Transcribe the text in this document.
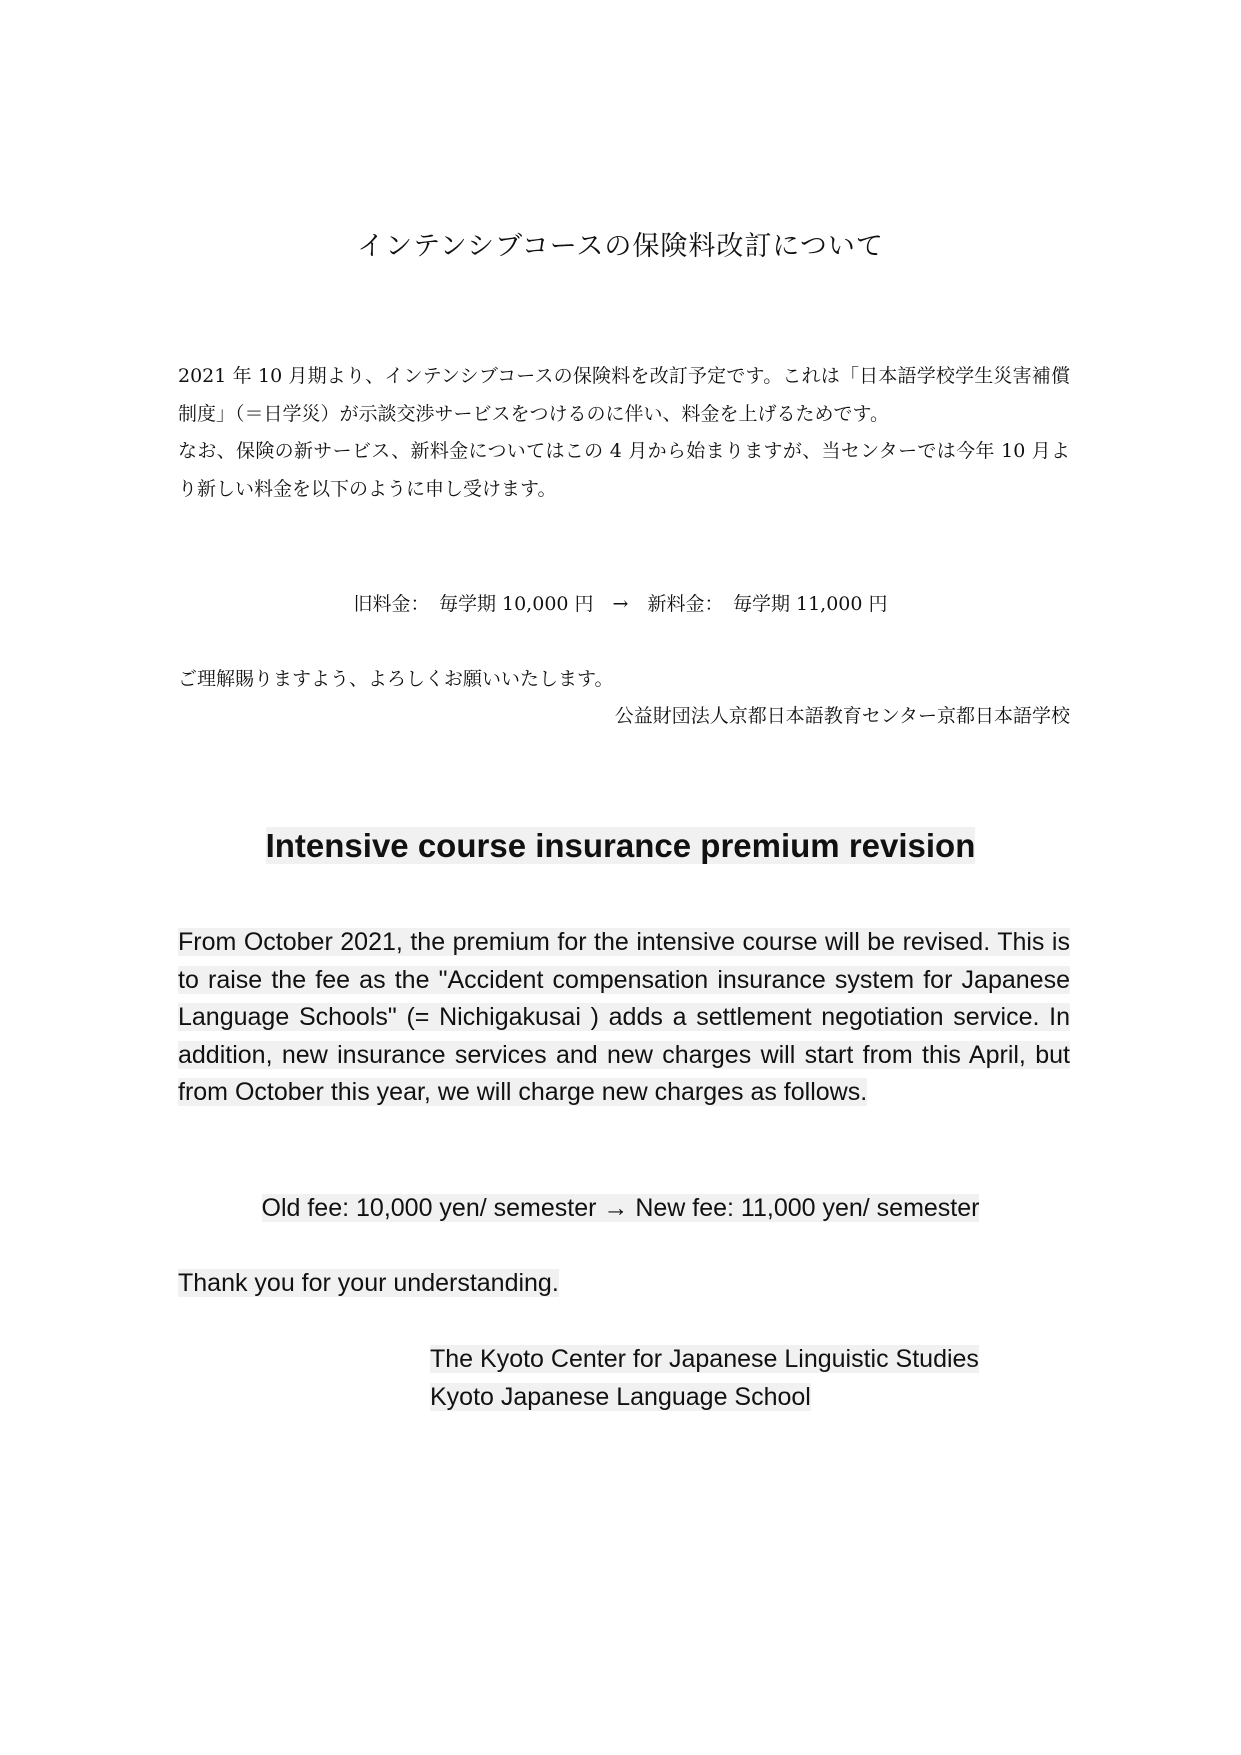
インテンシブコースの保険料改訂について
2021 年 10 月期より、インテンシブコースの保険料を改訂予定です。これは「日本語学校学生災害補償制度」（＝日学災）が示談交渉サービスをつけるのに伴い、料金を上げるためです。
なお、保険の新サービス、新料金についてはこの 4 月から始まりますが、当センターでは今年 10 月より新しい料金を以下のように申し受けます。
旧料金：　毎学期 10,000 円　→　新料金：　毎学期 11,000 円
ご理解賜りますよう、よろしくお願いいたします。
公益財団法人京都日本語教育センター京都日本語学校
Intensive course insurance premium revision
From October 2021, the premium for the intensive course will be revised. This is to raise the fee as the "Accident compensation insurance system for Japanese Language Schools" (= Nichigakusai ) adds a settlement negotiation service. In addition, new insurance services and new charges will start from this April, but from October this year, we will charge new charges as follows.
Old fee: 10,000 yen/ semester → New fee: 11,000 yen/ semester
Thank you for your understanding.
The Kyoto Center for Japanese Linguistic Studies
Kyoto Japanese Language School
